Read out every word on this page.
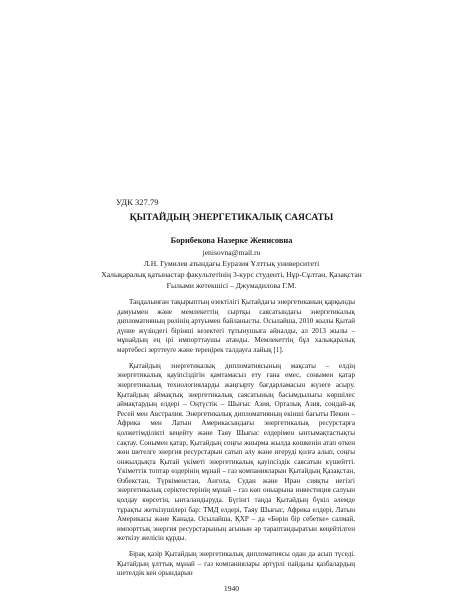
УДК 327.79
ҚЫТАЙДЫҢ ЭНЕРГЕТИКАЛЫҚ САЯСАТЫ
Борибекова Назерке Женисовна
jenisovna@mail.ru
Л.Н. Гумилев атындағы Еуразия Ұлттық университеті
Халықаралық қатынастар факультетінің 3-курс студенті, Нұр-Сұлтан, Қазақстан
Ғылыми жетекшісі – Джумадилова Г.М.

Таңдалынған тақырыптың өзектілігі Қытайдағы энергетиканың қарқынды дамуымен және мемлекеттің сыртқы саясатындағы энергетикалық дипломатияның рөлінің артуымен байланысты. Осылайша, 2010 жылы Қытай дүние жүзіндегі бірінші кезектегі тұтынушыға айналды, ал 2013 жылы – мұнайдың ең ірі импорттаушы атанды. Мемлекеттің бұл халықаралық мәртебесі зерттеуге және тереңірек талдауға лайық [1].

Қытайдың энергетикалық дипломатиясының мақсаты – елдің энергетикалық қауіпсіздігін қамтамасыз ету ғана емес, сонымен қатар энергетикалық технологияларды жаңғырту бағдарламасын жүзеге асыру. Қытайдың аймақтық энергетикалық саясатының басымдылығы көршілес аймақтардың елдері – Оңтүстік – Шығыс Азия, Орталық Азия, сондай-ақ Ресей мен Австралия. Энергетикалық дипломатияның екінші бағыты Пекин – Африка мен Латын Америкасындағы энергетикалық ресурстарға қолжетімділікті кеңейту және Таяу Шығыс елдерімен ынтымақтастықты сақтау. Сонымен қатар, Қытайдың соңғы жиырма жылда көшкенін атап өткен жөн шетелге энергия ресурстарын сатып алу және игеруді қолға алып, соңғы онжылдықта Қытай үкіметі энергетикалық қауіпсіздік саясатын күшейтті. Үкіметтік топтар өздерінің мұнай – газ компанияларын Қытайдың Қазақстан, Өзбекстан, Түркіменстан, Ангола, Судан және Иран сияқты негізгі энергетикалық серіктестерінің мұнай – газ көп оныарына инвестиция салуын қолдау көрсетін, ынталандыруда. Бүгінгі таңда Қытайдың бүкіл әлемде тұрақты жеткізушілері бар: ТМД елдері, Таяу Шығыс, Африка елдері, Латын Америкасы және Канада. Осылайша, ҚХР – да «Бөрін бір себетке» салмай, импорттық энергия ресурстарының ағынын әр тараптандыратын кеңейтілген жеткізу желісін құрды.

Бірақ қазір Қытайдың энергетикалық дипломатиясы одан да асып түседі. Қытайдың ұлттық мұнай – газ компаниялары әртүрлі пайдалы қазбалардың шетелдік кен орындарын

1940
